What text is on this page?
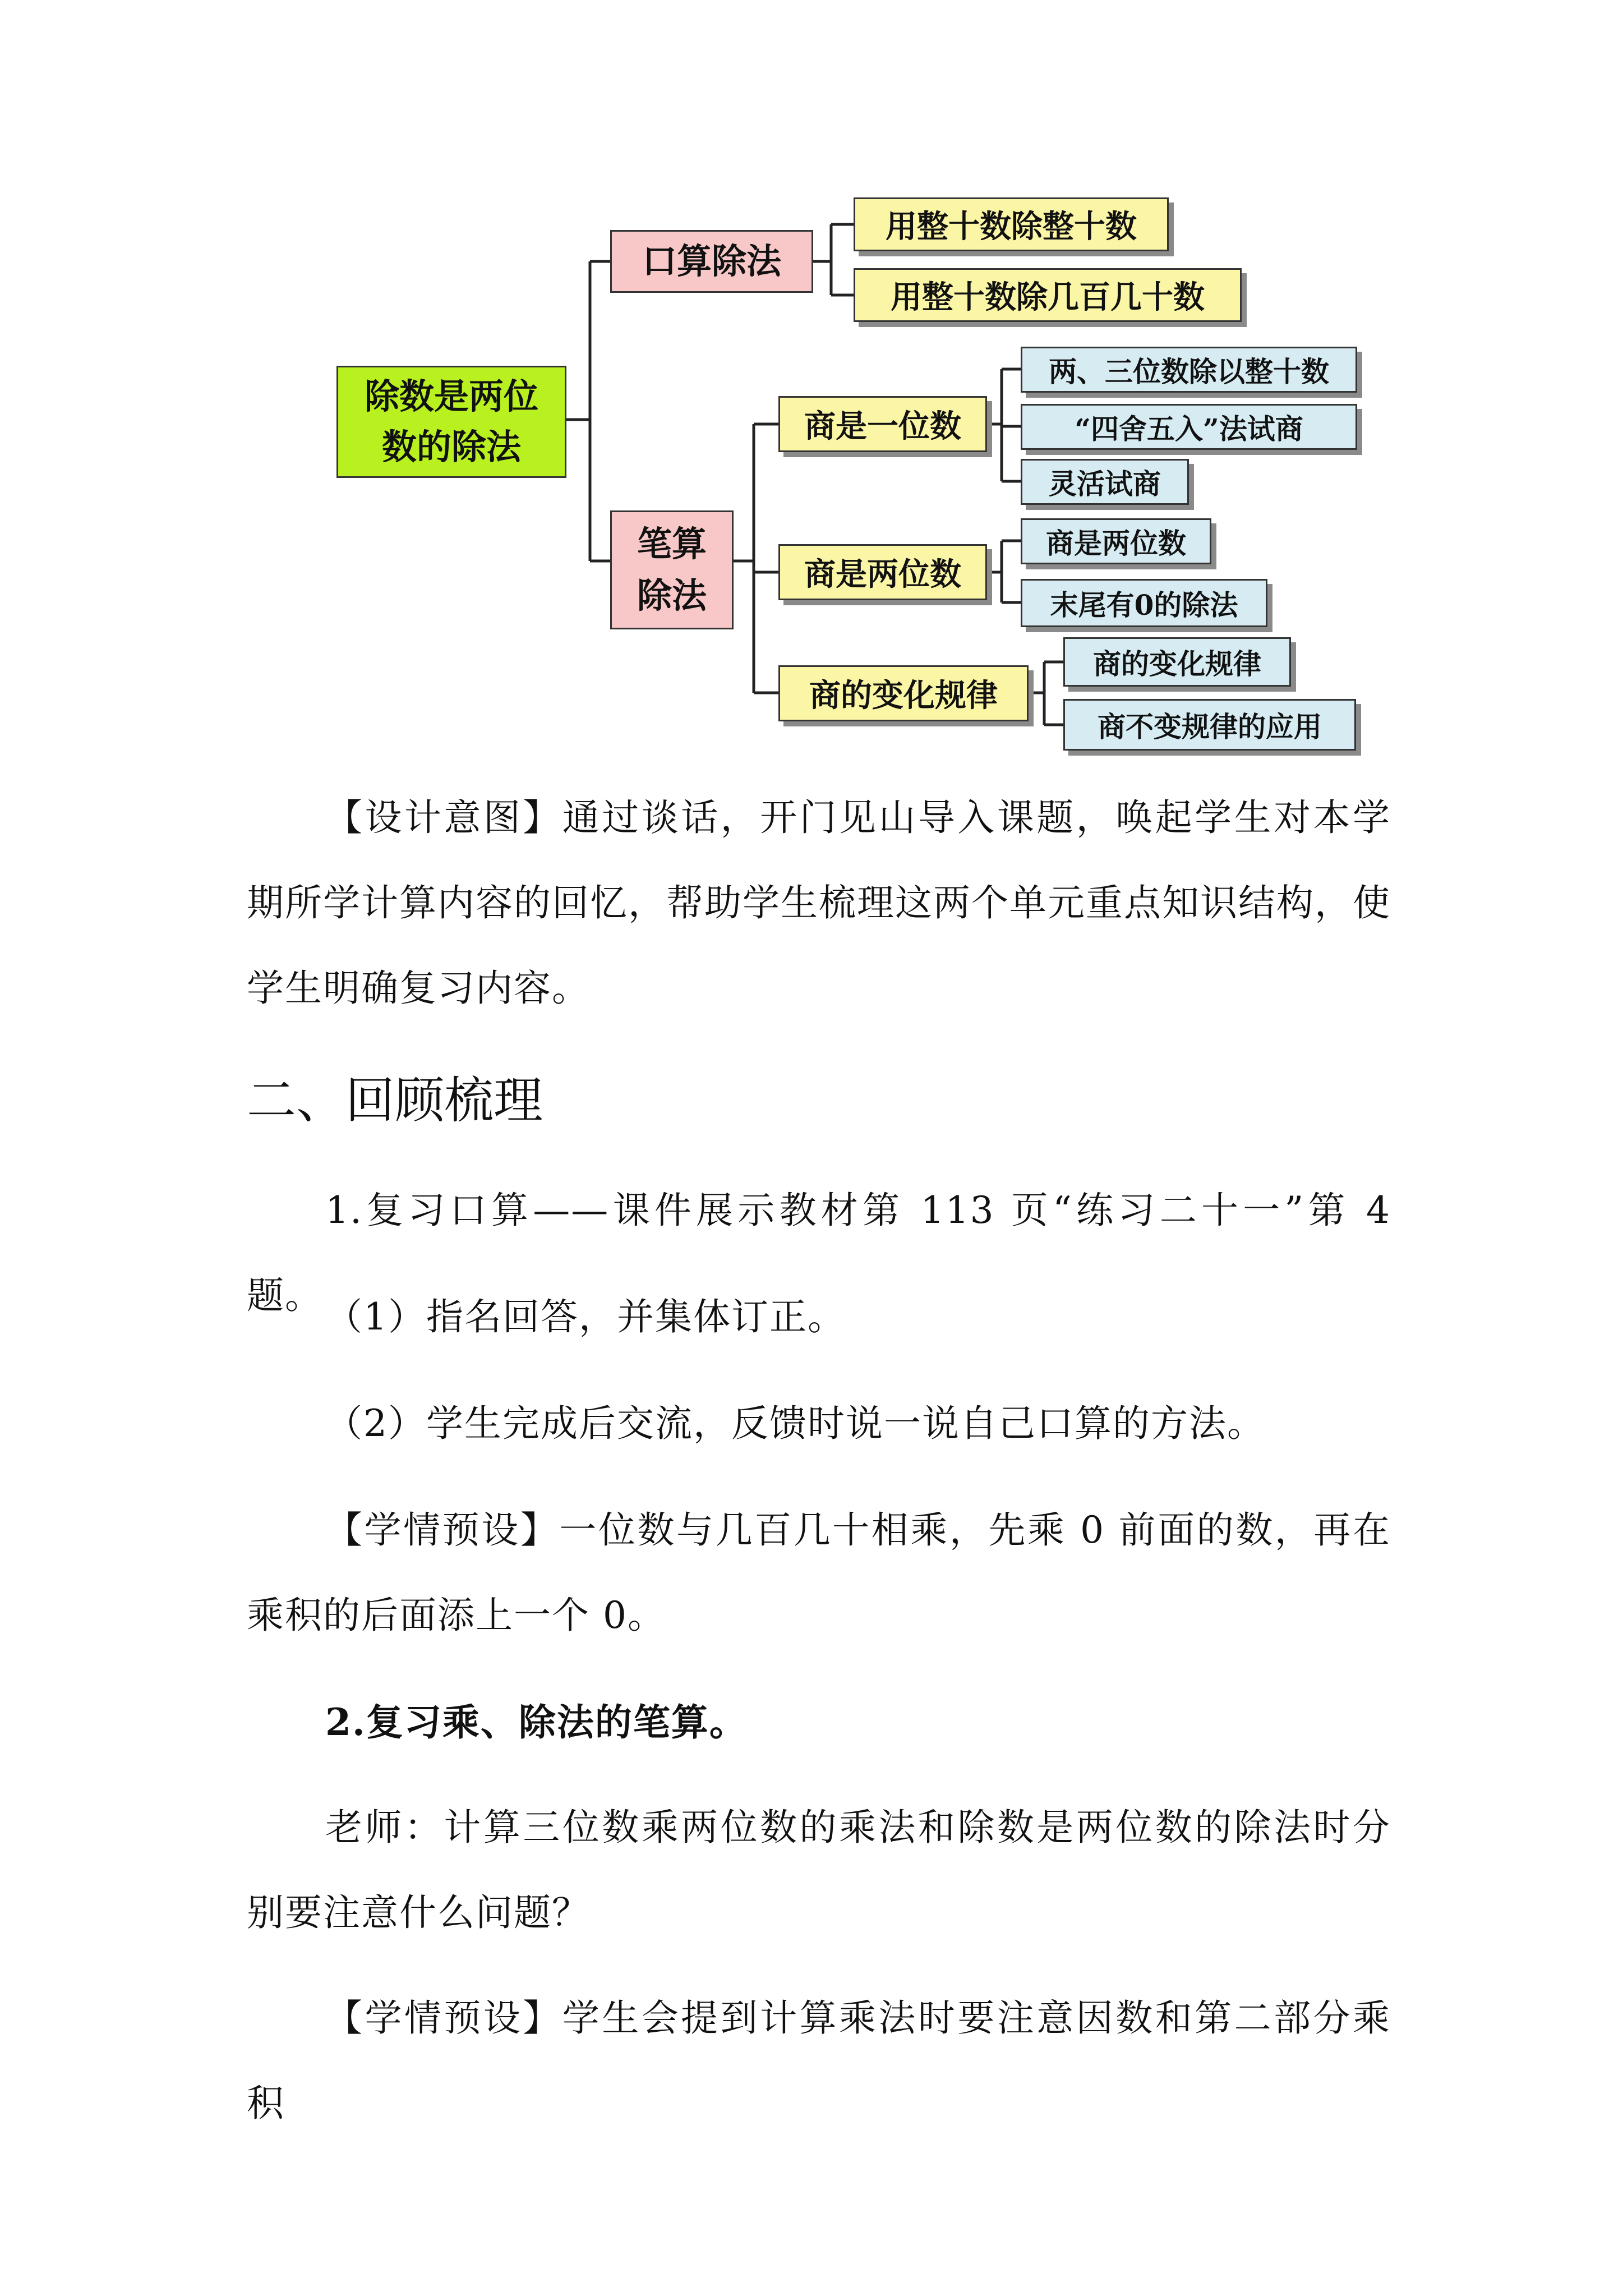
除数是两位
数的除法
口算除法
笔算
除法
用整十数除整十数
用整十数除几百几十数
商是一位数
商是两位数
商的变化规律
两、三位数除以整十数
“四舍五入”法试商
灵活试商
商是两位数
末尾有0的除法
商的变化规律
商不变规律的应用

【设计意图】通过谈话，开门见山导入课题，唤起学生对本学期所学计算内容的回忆，帮助学生梳理这两个单元重点知识结构，使学生明确复习内容。

二、回顾梳理

1.复习口算——课件展示教材第 113 页“练习二十一”第 4 题。 （1）指名回答，并集体订正。

（2）学生完成后交流，反馈时说一说自己口算的方法。

【学情预设】一位数与几百几十相乘，先乘 0 前面的数，再在乘积的后面添上一个 0。

2.复习乘、除法的笔算。

老师：计算三位数乘两位数的乘法和除数是两位数的除法时分别要注意什么问题？

【学情预设】学生会提到计算乘法时要注意因数和第二部分乘积
